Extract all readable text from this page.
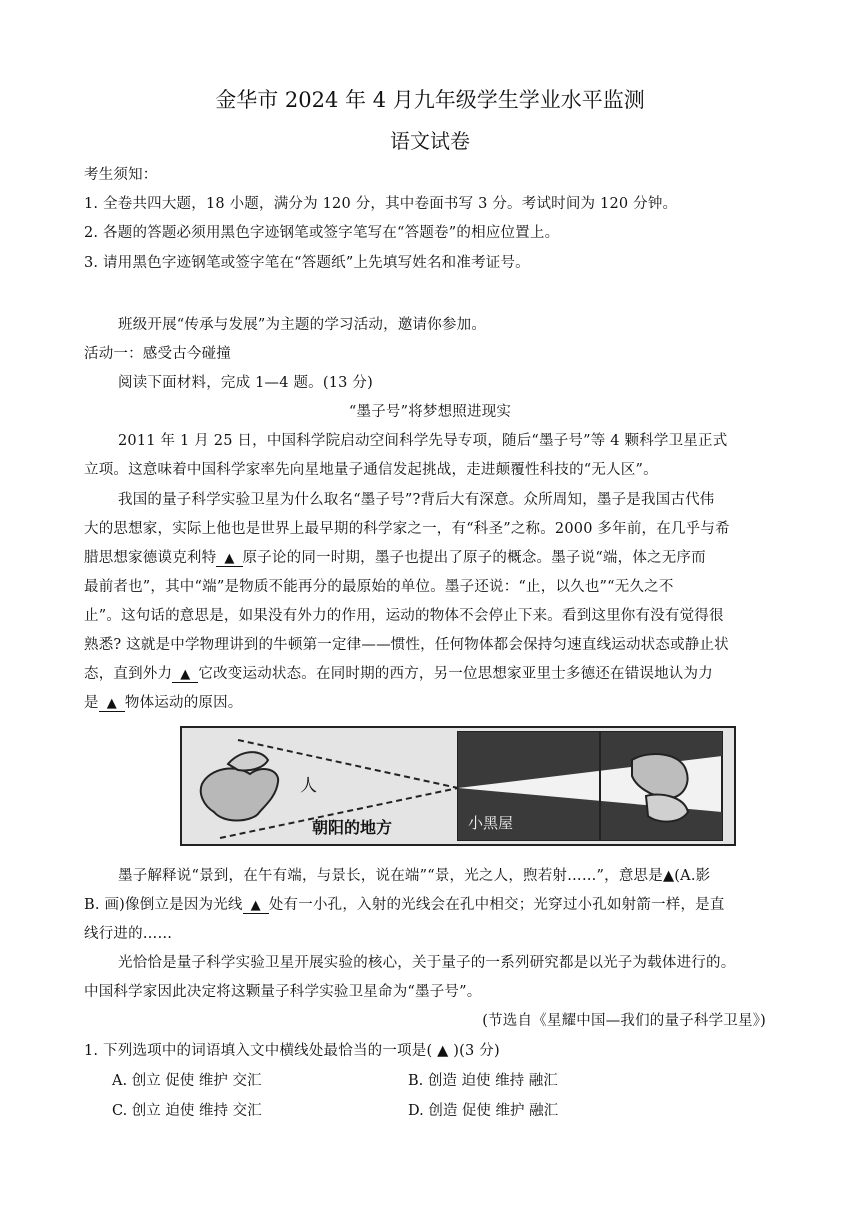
金华市 2024 年 4 月九年级学生学业水平监测
语文试卷
考生须知：
1. 全卷共四大题，18 小题，满分为 120 分，其中卷面书写 3 分。考试时间为 120 分钟。
2. 各题的答题必须用黑色字迹钢笔或签字笔写在“答题卷”的相应位置上。
3. 请用黑色字迹钢笔或签字笔在“答题纸”上先填写姓名和准考证号。
班级开展“传承与发展”为主题的学习活动，邀请你参加。
活动一：感受古今碰撞
阅读下面材料，完成 1—4 题。(13 分)
“墨子号”将梦想照进现实
2011 年 1 月 25 日，中国科学院启动空间科学先导专项，随后“墨子号”等 4 颗科学卫星正式
立项。这意味着中国科学家率先向星地量子通信发起挑战，走进颠覆性科技的“无人区”。
我国的量子科学实验卫星为什么取名“墨子号”?背后大有深意。众所周知，墨子是我国古代伟
大的思想家，实际上他也是世界上最早期的科学家之一，有“科圣”之称。2000 多年前，在几乎与希
腊思想家德谟克利特 ▲ 原子论的同一时期，墨子也提出了原子的概念。墨子说“端，体之无序而
最前者也”，其中“端”是物质不能再分的最原始的单位。墨子还说：“止，以久也”“无久之不
止”。这句话的意思是，如果没有外力的作用，运动的物体不会停止下来。看到这里你有没有觉得很
熟悉? 这就是中学物理讲到的牛顿第一定律——惯性，任何物体都会保持匀速直线运动状态或静止状
态，直到外力 ▲ 它改变运动状态。在同时期的西方，另一位思想家亚里士多德还在错误地认为力
是 ▲ 物体运动的原因。
人
朝阳的地方	小黑屋
墨子解释说“景到，在午有端，与景长，说在端”“景，光之人，煦若射……”，意思是▲(A.影
B. 画)像倒立是因为光线 ▲ 处有一小孔，入射的光线会在孔中相交；光穿过小孔如射箭一样，是直
线行进的……
光恰恰是量子科学实验卫星开展实验的核心，关于量子的一系列研究都是以光子为载体进行的。
中国科学家因此决定将这颗量子科学实验卫星命为“墨子号”。
(节选自《星耀中国—我们的量子科学卫星》)
1. 下列选项中的词语填入文中横线处最恰当的一项是( ▲ )(3 分)
A. 创立 促使 维护 交汇	B. 创造 迫使 维持 融汇
C. 创立 迫使 维持 交汇	D. 创造 促使 维护 融汇
